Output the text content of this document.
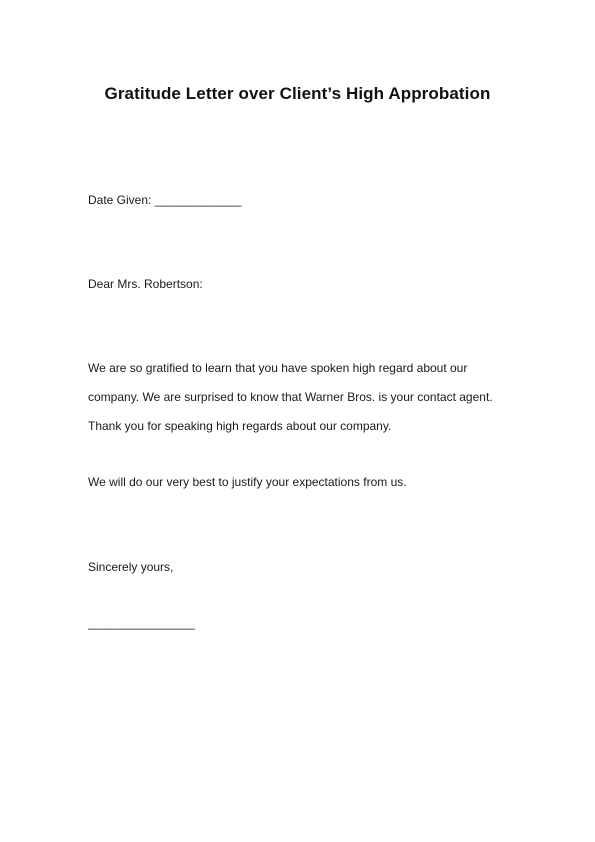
Gratitude Letter over Client’s High Approbation
Date Given: _____________
Dear Mrs. Robertson:
We are so gratified to learn that you have spoken high regard about our
company. We are surprised to know that Warner Bros. is your contact agent.
Thank you for speaking high regards about our company.
We will do our very best to justify your expectations from us.
Sincerely yours,
________________
